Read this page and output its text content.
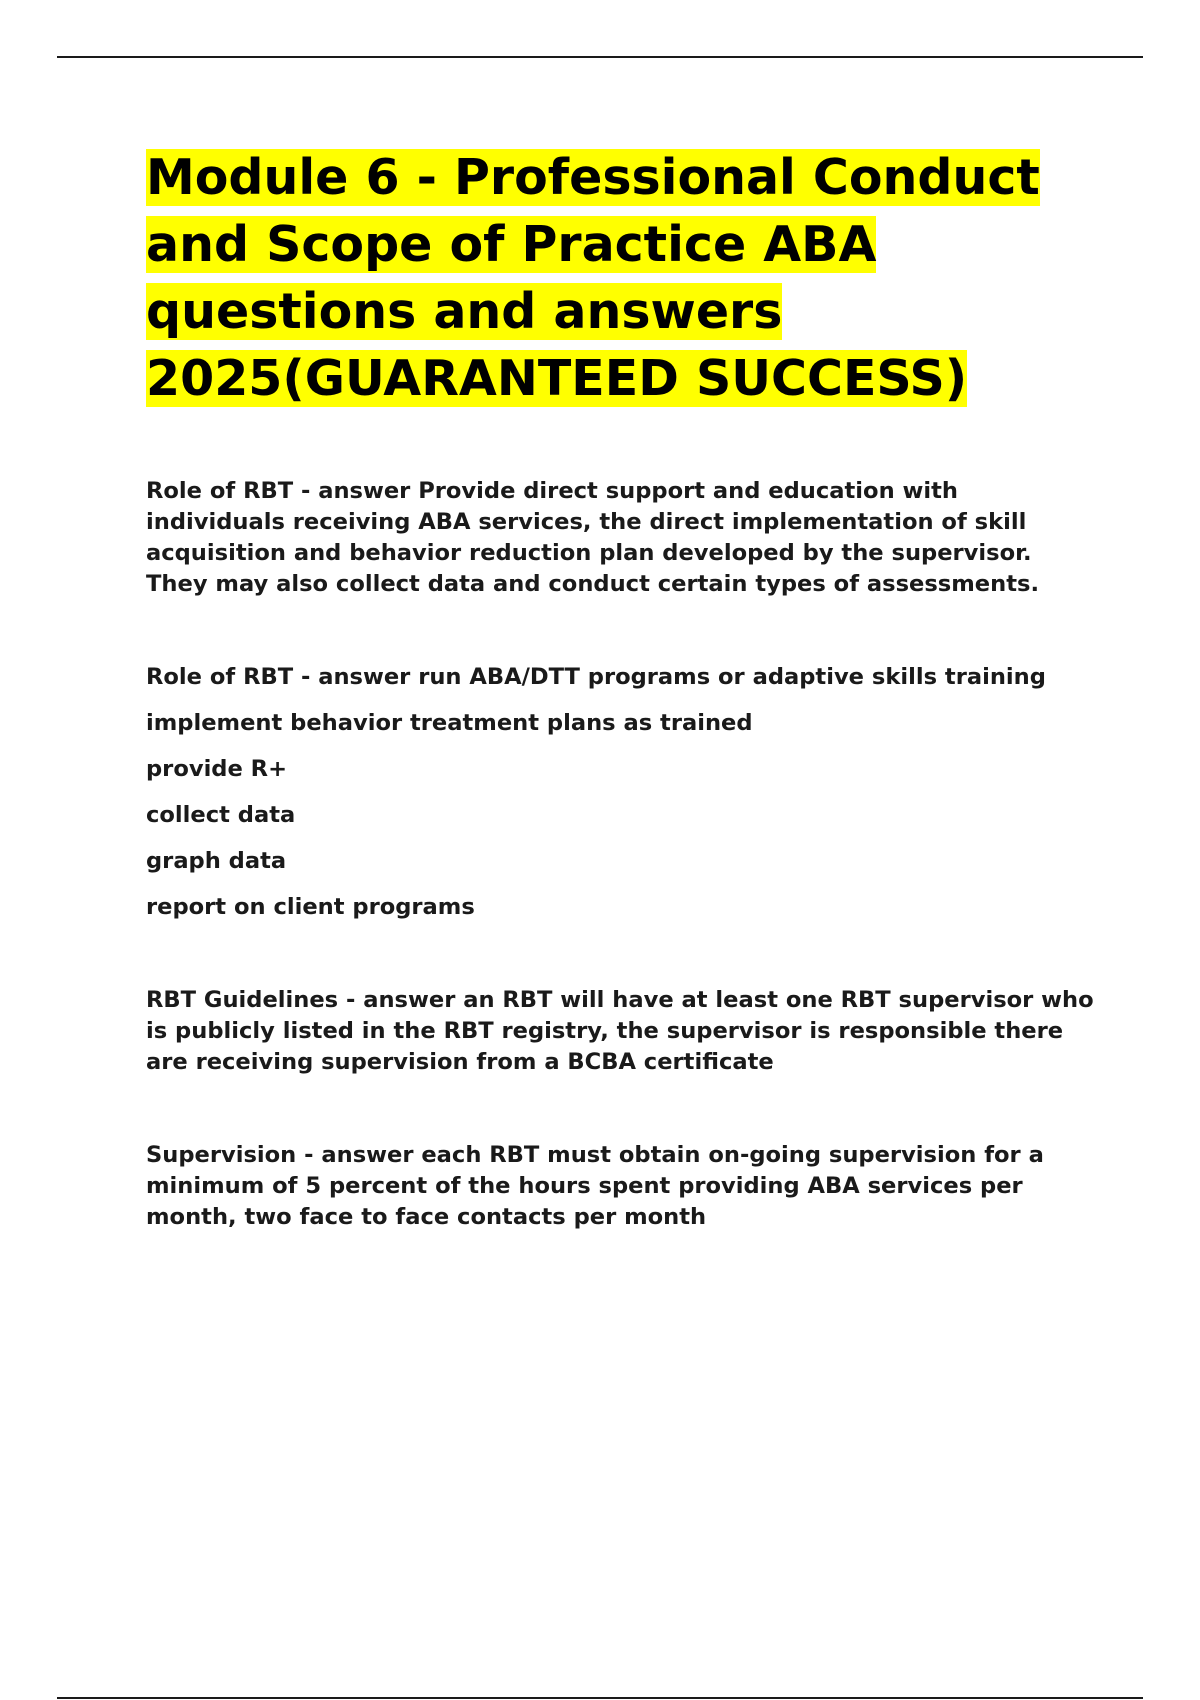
Module 6 - Professional Conduct and Scope of Practice ABA questions and answers 2025(GUARANTEED SUCCESS)
Role of RBT - answer Provide direct support and education with individuals receiving ABA services, the direct implementation of skill acquisition and behavior reduction plan developed by the supervisor. They may also collect data and conduct certain types of assessments.
Role of RBT - answer run ABA/DTT programs or adaptive skills training
implement behavior treatment plans as trained
provide R+
collect data
graph data
report on client programs
RBT Guidelines - answer an RBT will have at least one RBT supervisor who is publicly listed in the RBT registry, the supervisor is responsible there are receiving supervision from a BCBA certificate
Supervision - answer each RBT must obtain on-going supervision for a minimum of 5 percent of the hours spent providing ABA services per month, two face to face contacts per month
